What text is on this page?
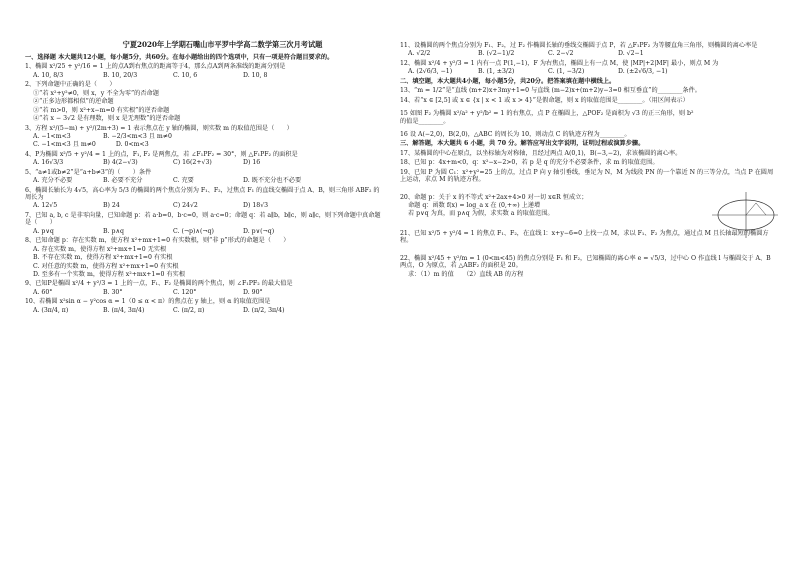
宁夏2020年上学期石嘴山市平罗中学高二数学第三次月考试题
一、选择题 本大题共12小题，每小题5分，共60分。在每小题给出的四个选项中，只有一项是符合题目要求的。
1、椭圆 x²/25 + y²/16 = 1 上的点A到右焦点的距离等于4，那么点A到两条准线的距离分别是
A. 10, 8/3	B. 10, 20/3	C. 10, 6	D. 10, 8
2、下列命题中正确的是（　　）
①“若 x²+y²≠0，则 x，y 不全为零”的否命题
②“正多边形都相似”的逆命题
③“若 m>0，则 x²+x−m=0 有实根”的逆否命题
④“若 x − 3√2 是有理数，则 x 是无理数”的逆否命题
3、方程 x²/(5−m) + y²/(2m+3) = 1 表示焦点在 y 轴的椭圆，则实数 m 的取值范围是（　　）
A. −1<m<3	B. −2/3<m<3 且 m≠0
C. −1<m<3 且 m≠0	D. 0<m<3
4、P为椭圆 x²/5 + y²/4 = 1 上的点，F₁, F₂ 是两焦点，若 ∠F₁PF₂ = 30°，则 △F₁PF₂ 的面积是
A. 16√3/3	B) 4(2−√3)	C) 16(2+√3)	D) 16
5、“a≠1或b≠2”是“a+b≠3”的（　　）条件
A. 充分不必要	B. 必要不充分	C. 充要	D. 既不充分也不必要
6、椭圆长轴长为 4√5，高心率为 5/3 的椭圆的两个焦点分别为 F₁、F₂，过焦点 F₁ 的直线交椭圆于点 A、B，则三角形 ABF₂ 的周长为
A. 12√5	B) 24	C) 24√2	D) 18√3
7、已知 a, b, c 是非零向量，已知命题 p：若 a·b=0，b·c=0，则 a·c=0；命题 q：若 a∥b，b∥c，则 a∥c，则下列命题中真命题是（　　）
A. p∨q	B. p∧q	C. (¬p)∧(¬q)	D. p∨(¬q)
8、已知命题 p：存在实数 m，使方程 x²+mx+1=0 有实数根，则“非 p”形式的命题是（　　）
A. 存在实数 m，使得方程 x²+mx+1=0 无实根
B. 不存在实数 m，使得方程 x²+mx+1=0 有实根
C. 对任意的实数 m，使得方程 x²+mx+1=0 有实根
D. 至多有一个实数 m，使得方程 x²+mx+1=0 有实根
9、已知P是椭圆 x²/4 + y²/3 = 1 上的一点，F₁、F₂ 是椭圆的两个焦点，则 ∠F₁PF₂ 的最大值是
A. 60°	B. 30°	C. 120°	D. 90°
10、若椭圆 x²sin α − y²cos α = 1（0 ≤ α < π）的焦点在 y 轴上，则 α 的取值范围是
A. (3π/4, π)	B. (π/4, 3π/4)	C. (π/2, π)	D. (π/2, 3π/4)
11、设椭圆的两个焦点分别为 F₁、F₂，过 F₂ 作椭圆长轴的垂线交椭圆于点 P，若 △F₁PF₂ 为等腰直角三角形，则椭圆的离心率是
A. √2/2	B. (√2−1)/2	C. 2−√2	D. √2−1
12、椭圆 x²/4 + y²/3 = 1 内有一点 P(1,−1)，F 为右焦点，椭圆上有一点 M，使 |MP|+2|MF| 最小，则点 M 为
A. (2√6/3, −1)	B. (1, ±3/2)	C. (1, −3/2)	D. (±2√6/3, −1)
二、填空题，本大题共4小题，每小题5分，共20分。把答案填在题中横线上。
13、“m = 1/2”是“直线 (m+2)x+3my+1=0 与直线 (m−2)x+(m+2)y−3=0 相互垂直”的________条件。
14、若“x ∈ [2,5] 或 x ∈ {x | x < 1 或 x > 4}”是假命题，则 x 的取值范围是________。（用区间表示）
15 如图 F₂ 为椭圆 x²/a² + y²/b² = 1 的右焦点，点 P 在椭圆上，△POF₂ 是面积为 √3 的正三角形，则 b² 的值是________。
16 设 A(−2,0)，B(2,0)，△ABC 的周长为 10，则动点 C 的轨迹方程为________。
三、解答题，本大题共 6 小题，共 70 分。解答应写出文字说明，证明过程或演算步骤。
17、某椭圆的中心在原点，以坐标轴为对称轴，且经过两点 A(0,1)，B(−3,−2)，求该椭圆的离心率。
18、已知 p：4x+m<0，q：x²−x−2>0，若 p 是 q 的充分不必要条件，求 m 的取值范围。
19、已知 P 为圆 C₁：x²+y²=25 上的点，过点 P 向 y 轴引垂线，垂足为 N，M 为线段 PN 的一个靠近 N 的三等分点，当点 P 在圆周上运动，求点 M 的轨迹方程。
20、命题 p：关于 x 的不等式 x²+2ax+4>0 对一切 x∈R 恒成立；
命题 q：函数 f(x) = log_a x 在 (0,+∞) 上递增
若 p∨q 为真，而 p∧q 为假，求实数 a 的取值范围。
21、已知 x²/5 + y²/4 = 1 的焦点 F₁、F₂，在直线 l：x+y−6=0 上找一点 M，求以 F₁、F₂ 为焦点，通过点 M 且长轴最短的椭圆方程。
22、椭圆 x²/45 + y²/m = 1 (0<m<45) 的焦点分别是 F₁ 和 F₂，已知椭圆的离心率 e = √5/3，过中心 O 作直线 l 与椭圆交于 A、B 两点，O 为原点，若 △ABF₂ 的面积是 20。
求：（1）m 的值　　（2）直线 AB 的方程
